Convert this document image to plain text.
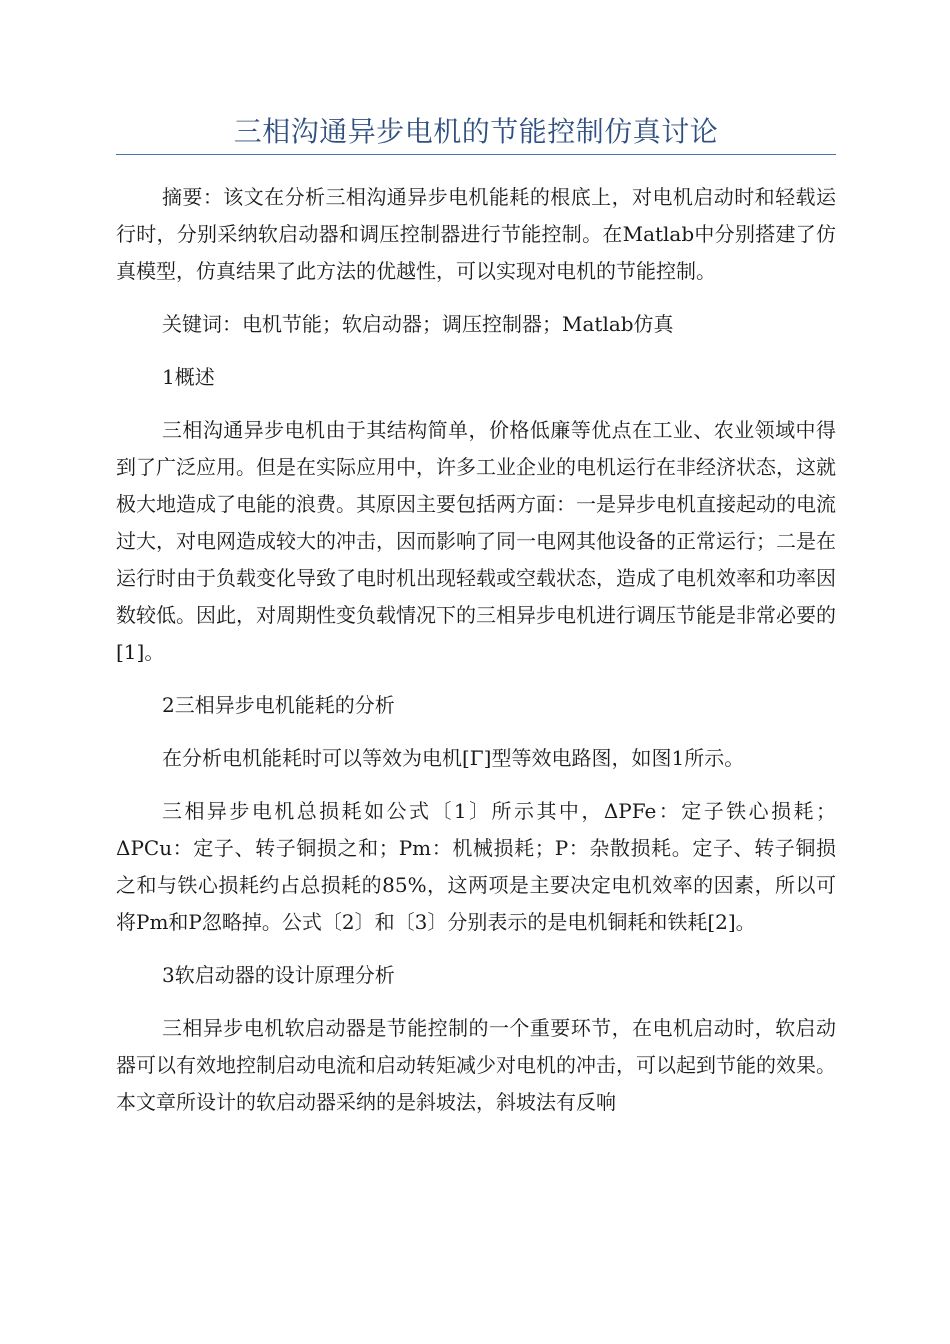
三相沟通异步电机的节能控制仿真讨论

摘要：该文在分析三相沟通异步电机能耗的根底上，对电机启动时和轻载运行时，分别采纳软启动器和调压控制器进行节能控制。在Matlab中分别搭建了仿真模型，仿真结果了此方法的优越性，可以实现对电机的节能控制。

关键词：电机节能；软启动器；调压控制器；Matlab仿真

1概述

三相沟通异步电机由于其结构简单，价格低廉等优点在工业、农业领域中得到了广泛应用。但是在实际应用中，许多工业企业的电机运行在非经济状态，这就极大地造成了电能的浪费。其原因主要包括两方面：一是异步电机直接起动的电流过大，对电网造成较大的冲击，因而影响了同一电网其他设备的正常运行；二是在运行时由于负载变化导致了电时机出现轻载或空载状态，造成了电机效率和功率因数较低。因此，对周期性变负载情况下的三相异步电机进行调压节能是非常必要的[1]。

2三相异步电机能耗的分析

在分析电机能耗时可以等效为电机[Γ]型等效电路图，如图1所示。

三相异步电机总损耗如公式〔1〕所示其中，ΔPFe：定子铁心损耗；ΔPCu：定子、转子铜损之和；Pm：机械损耗；P：杂散损耗。定子、转子铜损之和与铁心损耗约占总损耗的85%，这两项是主要决定电机效率的因素，所以可将Pm和P忽略掉。公式〔2〕和〔3〕分别表示的是电机铜耗和铁耗[2]。

3软启动器的设计原理分析

三相异步电机软启动器是节能控制的一个重要环节，在电机启动时，软启动器可以有效地控制启动电流和启动转矩减少对电机的冲击，可以起到节能的效果。本文章所设计的软启动器采纳的是斜坡法，斜坡法有反响
